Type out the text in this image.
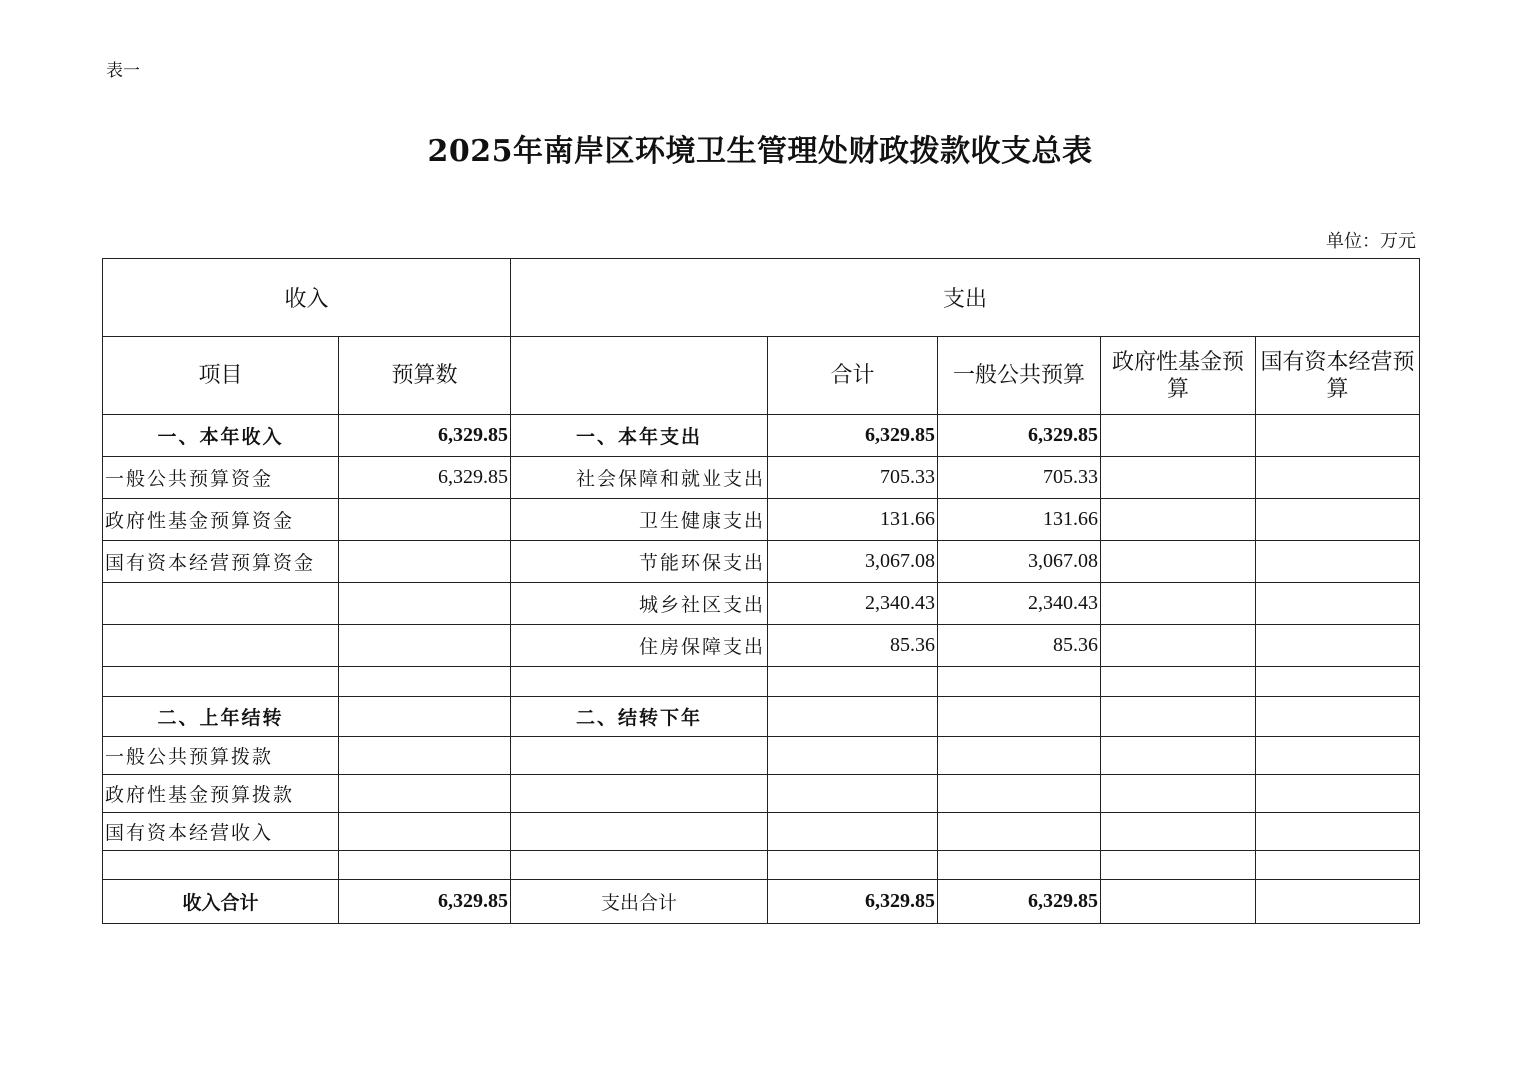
表一
2025年南岸区环境卫生管理处财政拨款收支总表
单位：万元
收入		支出				
项目	预算数		合计	一般公共预算	政府性基金预算	国有资本经营预算
一、本年收入	6,329.85	一、本年支出	6,329.85	6,329.85		
一般公共预算资金	6,329.85	社会保障和就业支出	705.33	705.33		
政府性基金预算资金		卫生健康支出	131.66	131.66		
国有资本经营预算资金		节能环保支出	3,067.08	3,067.08		
		城乡社区支出	2,340.43	2,340.43		
		住房保障支出	85.36	85.36		

二、上年结转		二、结转下年				
一般公共预算拨款						
政府性基金预算拨款						
国有资本经营收入						

收入合计	6,329.85	支出合计	6,329.85	6,329.85		
